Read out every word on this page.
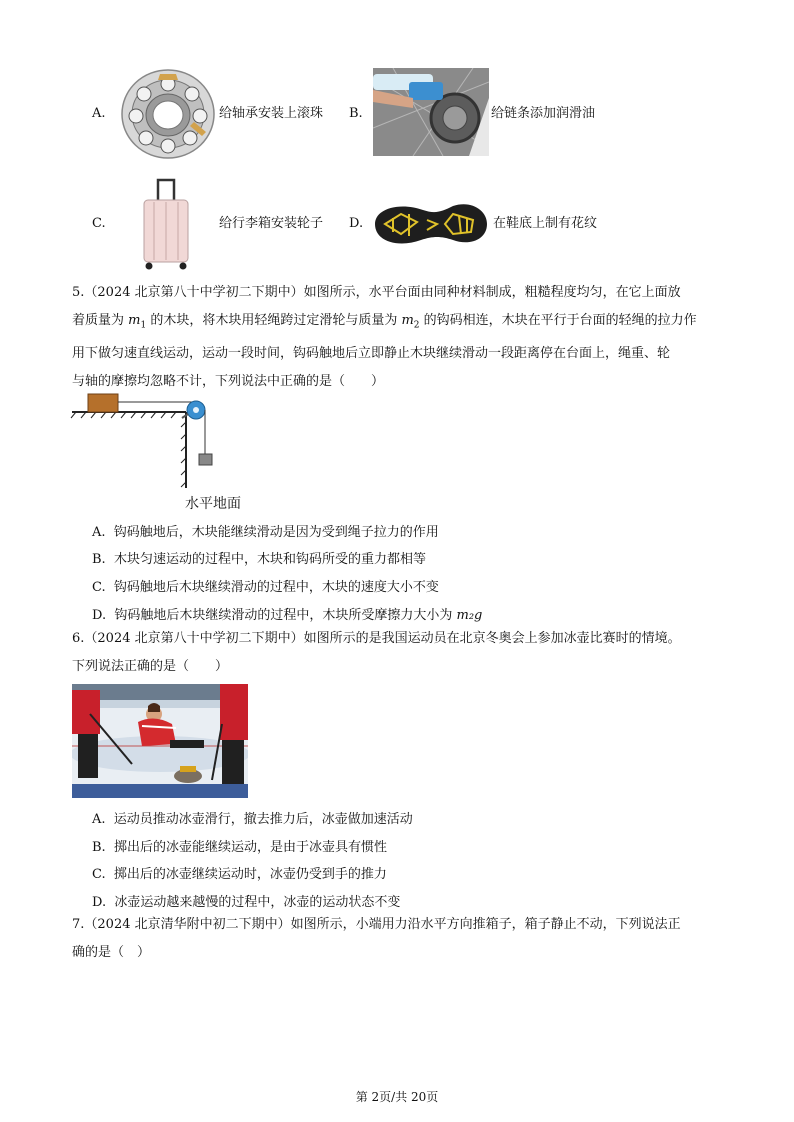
A.	给轴承安装上滚珠 B.	给链条添加润滑油
C.	给行李箱安装轮子 D.	在鞋底上制有花纹
5.（2024 北京第八十中学初二下期中）如图所示，水平台面由同种材料制成，粗糙程度均匀，在它上面放
着质量为 $m_1$ 的木块，将木块用轻绳跨过定滑轮与质量为 $m_2$ 的钩码相连，木块在平行于台面的轻绳的拉力作
用下做匀速直线运动，运动一段时间，钩码触地后立即静止木块继续滑动一段距离停在台面上，绳重、轮
与轴的摩擦均忽略不计，下列说法中正确的是（　　）
水平地面
A. 钩码触地后，木块能继续滑动是因为受到绳子拉力的作用
B. 木块匀速运动的过程中，木块和钩码所受的重力都相等
C. 钩码触地后木块继续滑动的过程中，木块的速度大小不变
D. 钩码触地后木块继续滑动的过程中，木块所受摩擦力大小为 m₂g
6.（2024 北京第八十中学初二下期中）如图所示的是我国运动员在北京冬奥会上参加冰壶比赛时的情境。
下列说法正确的是（　　）
A. 运动员推动冰壶滑行，撤去推力后，冰壶做加速活动
B. 掷出后的冰壶能继续运动，是由于冰壶具有惯性
C. 掷出后的冰壶继续运动时，冰壶仍受到手的推力
D. 冰壶运动越来越慢的过程中，冰壶的运动状态不变
7.（2024 北京清华附中初二下期中）如图所示，小端用力沿水平方向推箱子，箱子静止不动，下列说法正
确的是（　）
第 2页/共 20页
